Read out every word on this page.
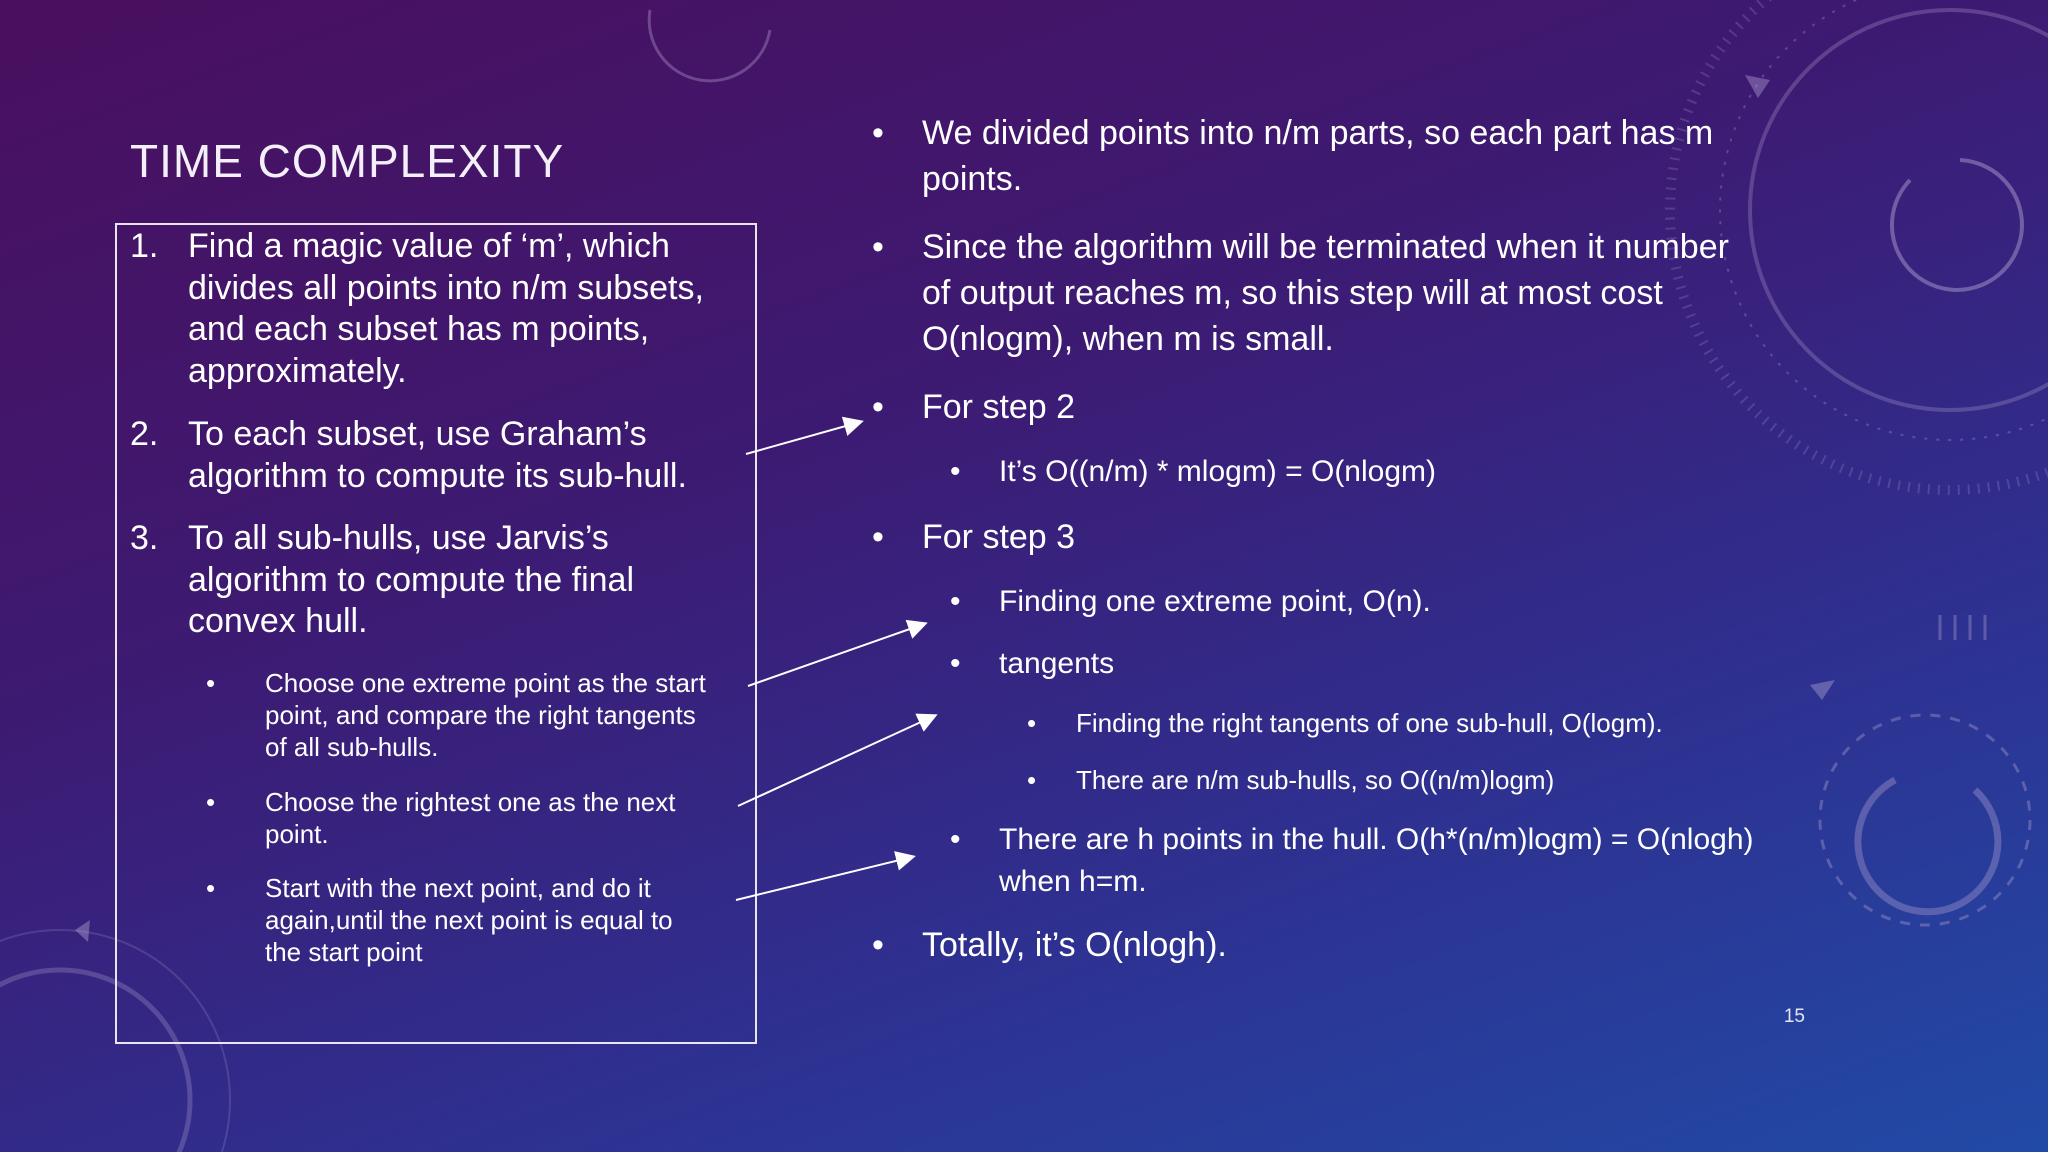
TIME COMPLEXITY
1. Find a magic value of ‘m’, which
divides all points into n/m subsets,
and each subset has m points,
approximately.
2. To each subset, use Graham’s
algorithm to compute its sub-hull.
3. To all sub-hulls, use Jarvis’s
algorithm to compute the final
convex hull.
• Choose one extreme point as the start
point, and compare the right tangents
of all sub-hulls.
• Choose the rightest one as the next
point.
• Start with the next point, and do it
again,until the next point is equal to
the start point
• We divided points into n/m parts, so each part has m
points.
• Since the algorithm will be terminated when it number
of output reaches m, so this step will at most cost
O(nlogm), when m is small.
• For step 2
• It’s O((n/m) * mlogm) = O(nlogm)
• For step 3
• Finding one extreme point, O(n).
• tangents
• Finding the right tangents of one sub-hull, O(logm).
• There are n/m sub-hulls, so O((n/m)logm)
• There are h points in the hull. O(h*(n/m)logm) = O(nlogh)
when h=m.
• Totally, it’s O(nlogh).
15
